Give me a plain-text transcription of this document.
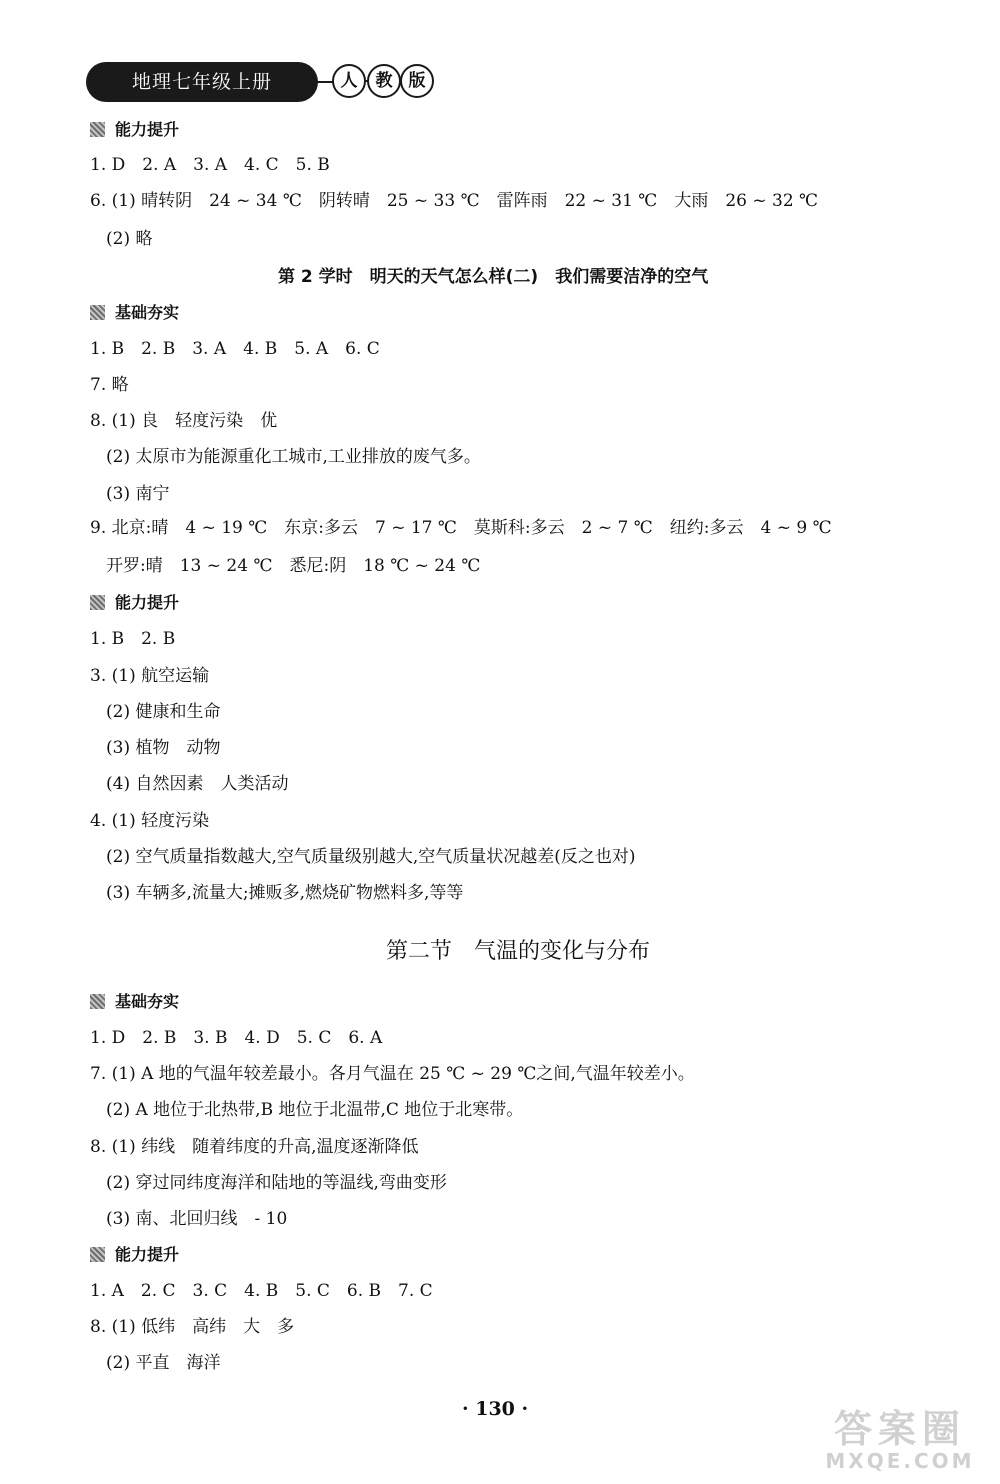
地理七年级上册	人	教 版
能力提升
1. D　2. A　3. A　4. C　5. B
6. (1) 晴转阴　24 ~ 34 ℃　阴转晴　25 ~ 33 ℃　雷阵雨　22 ~ 31 ℃　大雨　26 ~ 32 ℃
(2) 略
第 2 学时　明天的天气怎么样(二)　我们需要洁净的空气
基础夯实
1. B　2. B　3. A　4. B　5. A　6. C
7. 略
8. (1) 良　轻度污染　优
(2) 太原市为能源重化工城市,工业排放的废气多。
(3) 南宁
9. 北京:晴　4 ~ 19 ℃　东京:多云　7 ~ 17 ℃　莫斯科:多云　2 ~ 7 ℃　纽约:多云　4 ~ 9 ℃
开罗:晴　13 ~ 24 ℃　悉尼:阴　18 ℃ ~ 24 ℃
能力提升
1. B　2. B
3. (1) 航空运输
(2) 健康和生命
(3) 植物　动物
(4) 自然因素　人类活动
4. (1) 轻度污染
(2) 空气质量指数越大,空气质量级别越大,空气质量状况越差(反之也对)
(3) 车辆多,流量大;摊贩多,燃烧矿物燃料多,等等
第二节　气温的变化与分布
基础夯实
1. D　2. B　3. B　4. D　5. C　6. A
7. (1) A 地的气温年较差最小。各月气温在 25 ℃ ~ 29 ℃之间,气温年较差小。
(2) A 地位于北热带,B 地位于北温带,C 地位于北寒带。
8. (1) 纬线　随着纬度的升高,温度逐渐降低
(2) 穿过同纬度海洋和陆地的等温线,弯曲变形
(3) 南、北回归线　- 10
能力提升
1. A　2. C　3. C　4. B　5. C　6. B　7. C
8. (1) 低纬　高纬　大　多
(2) 平直　海洋
· 130 ·	答案圈
MXQE.COM
